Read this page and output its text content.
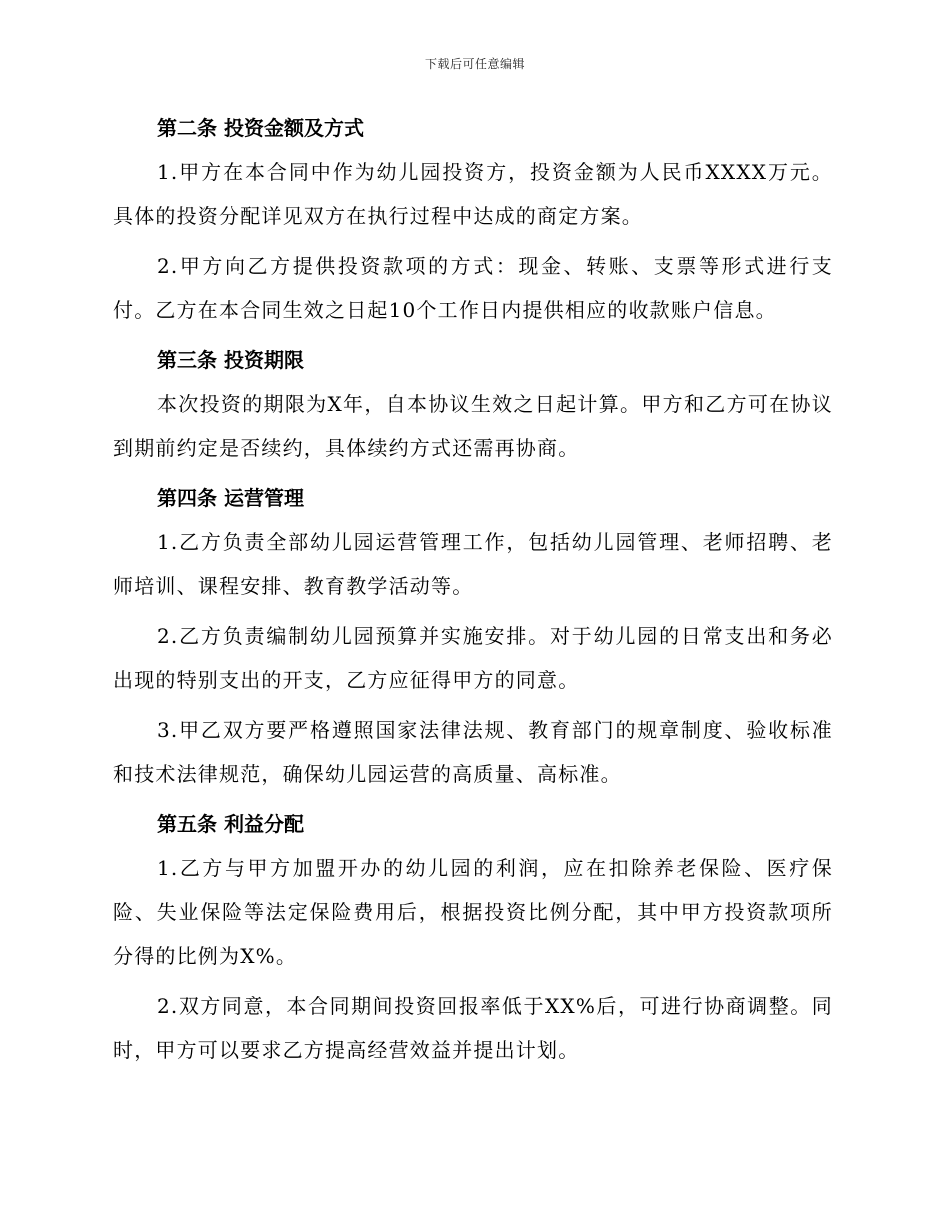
下载后可任意编辑
第二条 投资金额及方式

1.甲方在本合同中作为幼儿园投资方，投资金额为人民币XXXX万元。具体的投资分配详见双方在执行过程中达成的商定方案。

2.甲方向乙方提供投资款项的方式：现金、转账、支票等形式进行支付。乙方在本合同生效之日起10个工作日内提供相应的收款账户信息。

第三条 投资期限

本次投资的期限为X年，自本协议生效之日起计算。甲方和乙方可在协议到期前约定是否续约，具体续约方式还需再协商。

第四条 运营管理

1.乙方负责全部幼儿园运营管理工作，包括幼儿园管理、老师招聘、老师培训、课程安排、教育教学活动等。

2.乙方负责编制幼儿园预算并实施安排。对于幼儿园的日常支出和务必出现的特别支出的开支，乙方应征得甲方的同意。

3.甲乙双方要严格遵照国家法律法规、教育部门的规章制度、验收标准和技术法律规范，确保幼儿园运营的高质量、高标准。

第五条 利益分配

1.乙方与甲方加盟开办的幼儿园的利润，应在扣除养老保险、医疗保险、失业保险等法定保险费用后，根据投资比例分配，其中甲方投资款项所分得的比例为X%。

2.双方同意，本合同期间投资回报率低于XX%后，可进行协商调整。同时，甲方可以要求乙方提高经营效益并提出计划。
